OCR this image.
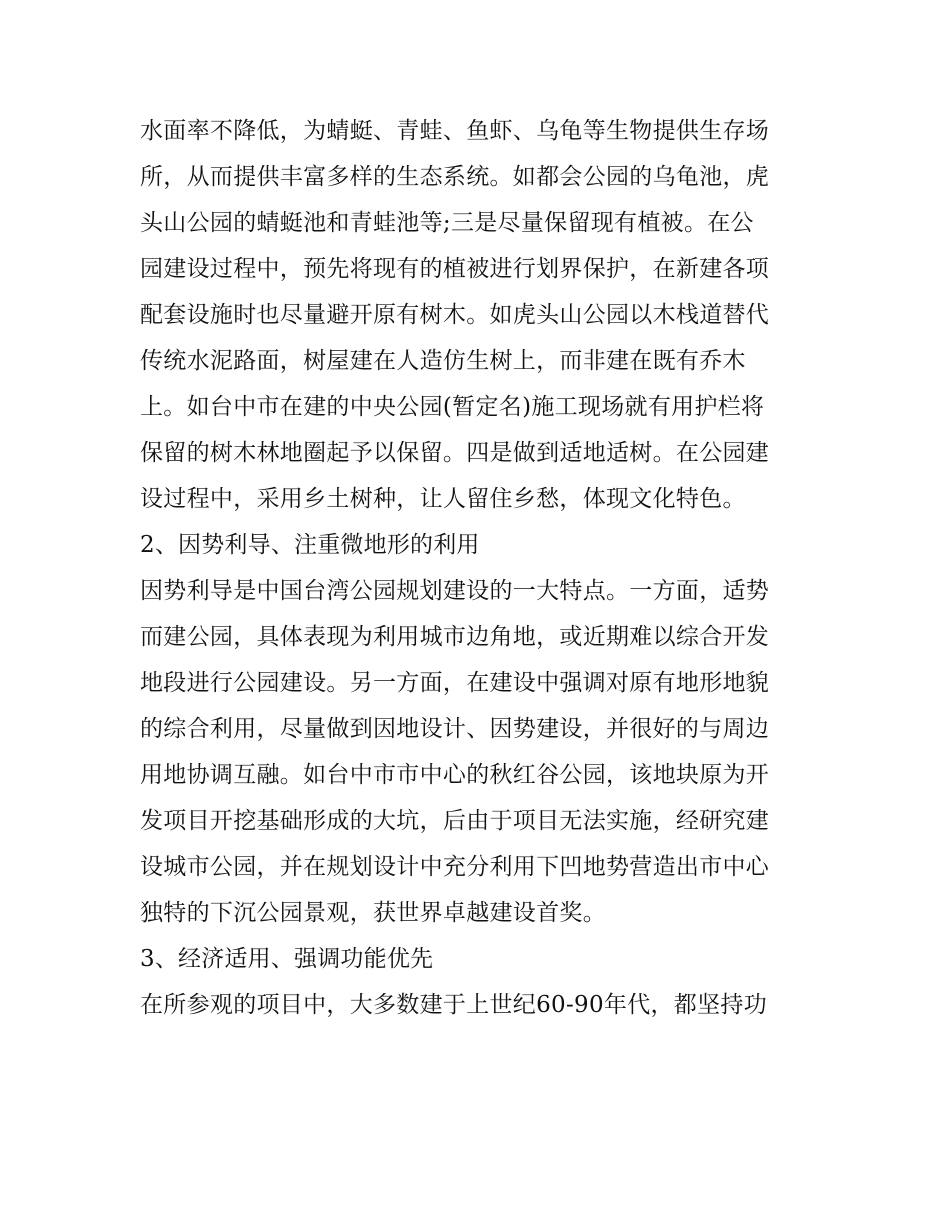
水面率不降低，为蜻蜓、青蛙、鱼虾、乌龟等生物提供生存场
所，从而提供丰富多样的生态系统。如都会公园的乌龟池，虎
头山公园的蜻蜓池和青蛙池等;三是尽量保留现有植被。在公
园建设过程中，预先将现有的植被进行划界保护，在新建各项
配套设施时也尽量避开原有树木。如虎头山公园以木栈道替代
传统水泥路面，树屋建在人造仿生树上，而非建在既有乔木
上。如台中市在建的中央公园(暂定名)施工现场就有用护栏将
保留的树木林地圈起予以保留。四是做到适地适树。在公园建
设过程中，采用乡土树种，让人留住乡愁，体现文化特色。
2、因势利导、注重微地形的利用
因势利导是中国台湾公园规划建设的一大特点。一方面，适势
而建公园，具体表现为利用城市边角地，或近期难以综合开发
地段进行公园建设。另一方面，在建设中强调对原有地形地貌
的综合利用，尽量做到因地设计、因势建设，并很好的与周边
用地协调互融。如台中市市中心的秋红谷公园，该地块原为开
发项目开挖基础形成的大坑，后由于项目无法实施，经研究建
设城市公园，并在规划设计中充分利用下凹地势营造出市中心
独特的下沉公园景观，获世界卓越建设首奖。
3、经济适用、强调功能优先
在所参观的项目中，大多数建于上世纪60-90年代，都坚持功
